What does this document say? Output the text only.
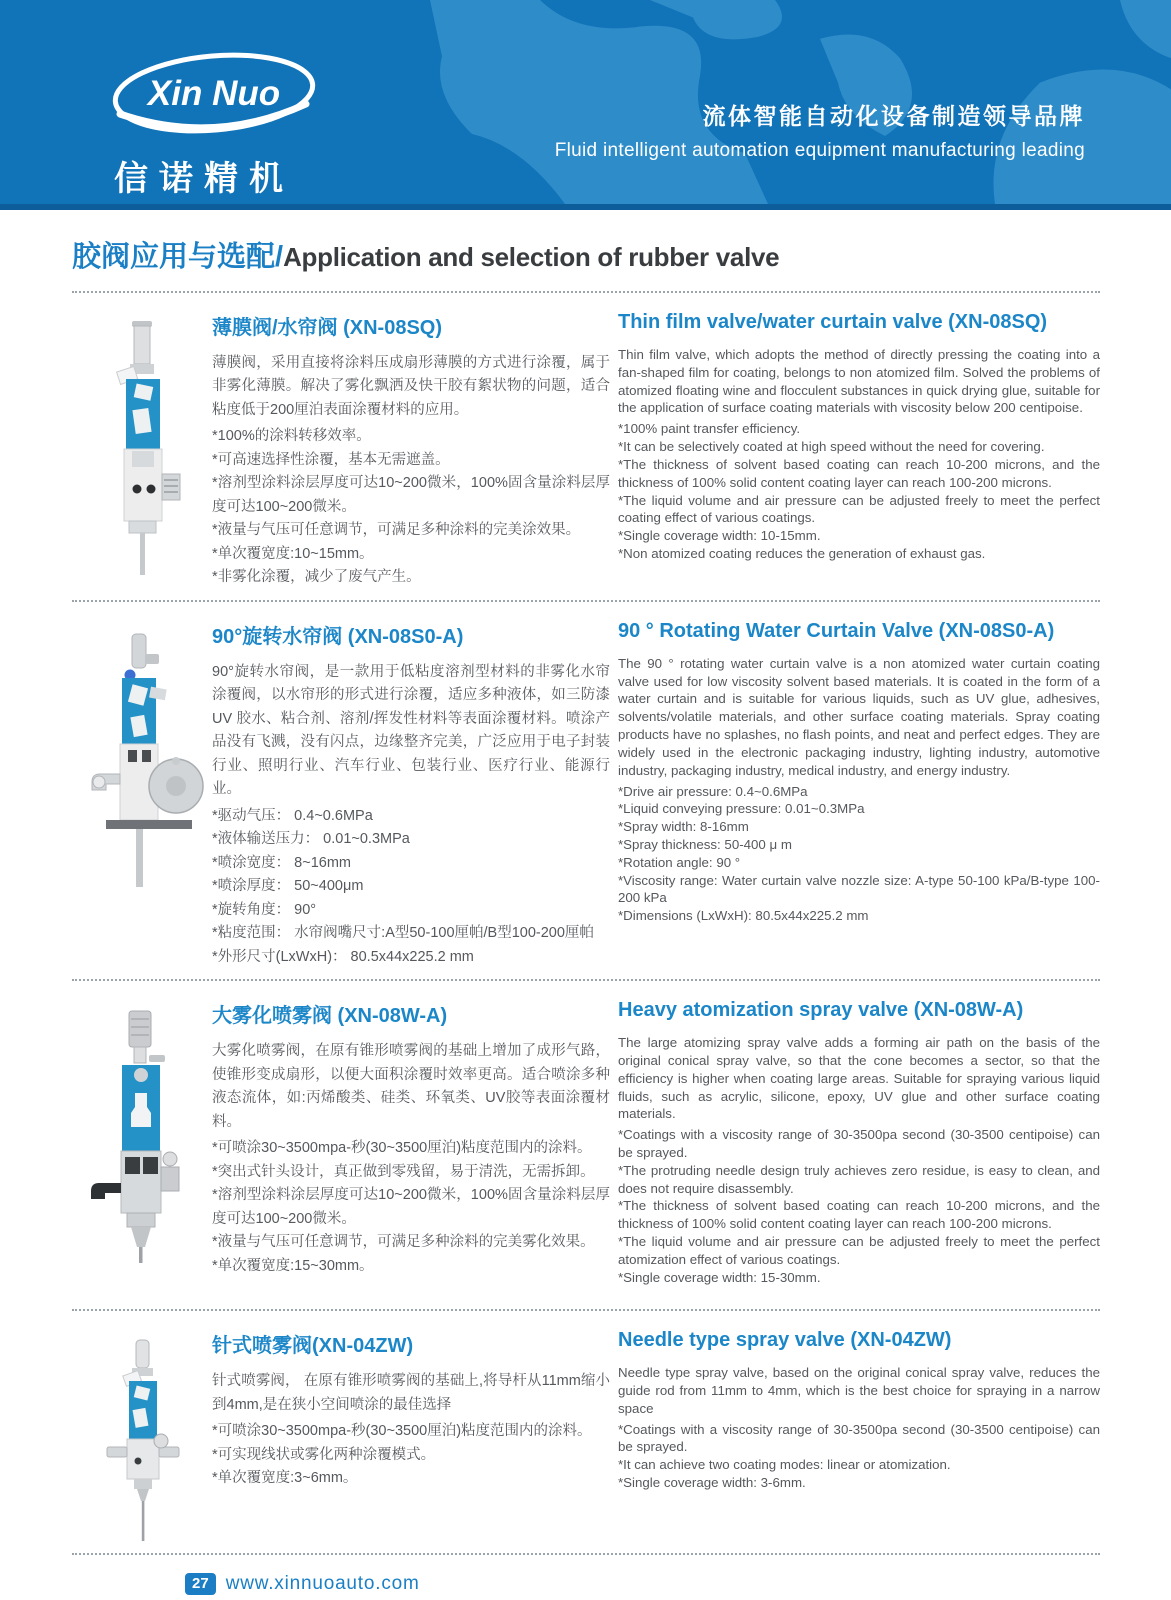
Xin Nuo
信诺精机
流体智能自动化设备制造领导品牌
Fluid intelligent automation equipment manufacturing leading
胶阀应用与选配/Application and selection of rubber valve
薄膜阀/水帘阀 (XN-08SQ)

薄膜阀，采用直接将涂料压成扇形薄膜的方式进行涂覆，属于非雾化薄膜。解决了雾化飘洒及快干胶有絮状物的问题，适合粘度低于200厘泊表面涂覆材料的应用。

*100%的涂料转移效率。

*可高速选择性涂覆，基本无需遮盖。

*溶剂型涂料涂层厚度可达10~200微米，100%固含量涂料层厚度可达100~200微米。

*液量与气压可任意调节，可满足多种涂料的完美涂效果。

*单次覆宽度:10~15mm。

*非雾化涂覆，减少了废气产生。

Thin film valve/water curtain valve (XN-08SQ)

Thin film valve, which adopts the method of directly pressing the coating into a fan-shaped film for coating, belongs to non atomized film. Solved the problems of atomized floating wine and flocculent substances in quick drying glue, suitable for the application of surface coating materials with viscosity below 200 centipoise.

*100% paint transfer efficiency.

*It can be selectively coated at high speed without the need for covering.

*The thickness of solvent based coating can reach 10-200 microns, and the thickness of 100% solid content coating layer can reach 100-200 microns.

*The liquid volume and air pressure can be adjusted freely to meet the perfect coating effect of various coatings.

*Single coverage width: 10-15mm.

*Non atomized coating reduces the generation of exhaust gas.

90°旋转水帘阀 (XN-08S0-A)

90°旋转水帘阀，是一款用于低粘度溶剂型材料的非雾化水帘涂覆阀，以水帘形的形式进行涂覆，适应多种液体，如三防漆UV 胶水、粘合剂、溶剂/挥发性材料等表面涂覆材料。喷涂产品没有飞溅，没有闪点，边缘整齐完美，广泛应用于电子封装行业、照明行业、汽车行业、包装行业、医疗行业、能源行业。

*驱动气压： 0.4~0.6MPa

*液体输送压力： 0.01~0.3MPa

*喷涂宽度： 8~16mm

*喷涂厚度： 50~400μm

*旋转角度： 90°

*粘度范围： 水帘阀嘴尺寸:A型50-100厘帕/B型100-200厘帕

*外形尺寸(LxWxH)： 80.5x44x225.2 mm

90 ° Rotating Water Curtain Valve (XN-08S0-A)

The 90 ° rotating water curtain valve is a non atomized water curtain coating valve used for low viscosity solvent based materials. It is coated in the form of a water curtain and is suitable for various liquids, such as UV glue, adhesives, solvents/volatile materials, and other surface coating materials. Spray coating products have no splashes, no flash points, and neat and perfect edges. They are widely used in the electronic packaging industry, lighting industry, automotive industry, packaging industry, medical industry, and energy industry.

*Drive air pressure: 0.4~0.6MPa

*Liquid conveying pressure: 0.01~0.3MPa

*Spray width: 8-16mm

*Spray thickness: 50-400 μ m

*Rotation angle: 90 °

*Viscosity range: Water curtain valve nozzle size: A-type 50-100 kPa/B-type 100-200 kPa

*Dimensions (LxWxH): 80.5x44x225.2 mm

大雾化喷雾阀 (XN-08W-A)

大雾化喷雾阀，在原有锥形喷雾阀的基础上增加了成形气路，使锥形变成扇形，以便大面积涂覆时效率更高。适合喷涂多种液态流体，如:丙烯酸类、硅类、环氧类、UV胶等表面涂覆材料。

*可喷涂30~3500mpa-秒(30~3500厘泊)粘度范围内的涂料。

*突出式针头设计，真正做到零残留，易于清洗，无需拆卸。

*溶剂型涂料涂层厚度可达10~200微米，100%固含量涂料层厚度可达100~200微米。

*液量与气压可任意调节，可满足多种涂料的完美雾化效果。

*单次覆宽度:15~30mm。

Heavy atomization spray valve (XN-08W-A)

The large atomizing spray valve adds a forming air path on the basis of the original conical spray valve, so that the cone becomes a sector, so that the efficiency is higher when coating large areas. Suitable for spraying various liquid fluids, such as acrylic, silicone, epoxy, UV glue and other surface coating materials.

*Coatings with a viscosity range of 30-3500pa second (30-3500 centipoise) can be sprayed.

*The protruding needle design truly achieves zero residue, is easy to clean, and does not require disassembly.

*The thickness of solvent based coating can reach 10-200 microns, and the thickness of 100% solid content coating layer can reach 100-200 microns.

*The liquid volume and air pressure can be adjusted freely to meet the perfect atomization effect of various coatings.

*Single coverage width: 15-30mm.

针式喷雾阀(XN-04ZW)

针式喷雾阀， 在原有锥形喷雾阀的基础上,将导杆从11mm缩小到4mm,是在狭小空间喷涂的最佳选择

*可喷涂30~3500mpa-秒(30~3500厘泊)粘度范围内的涂料。

*可实现线状或雾化两种涂覆模式。

*单次覆宽度:3~6mm。

Needle type spray valve (XN-04ZW)

Needle type spray valve, based on the original conical spray valve, reduces the guide rod from 11mm to 4mm, which is the best choice for spraying in a narrow space

*Coatings with a viscosity range of 30-3500pa second (30-3500 centipoise) can be sprayed.

*It can achieve two coating modes: linear or atomization.

*Single coverage width: 3-6mm.

27 www.xinnuoauto.com
